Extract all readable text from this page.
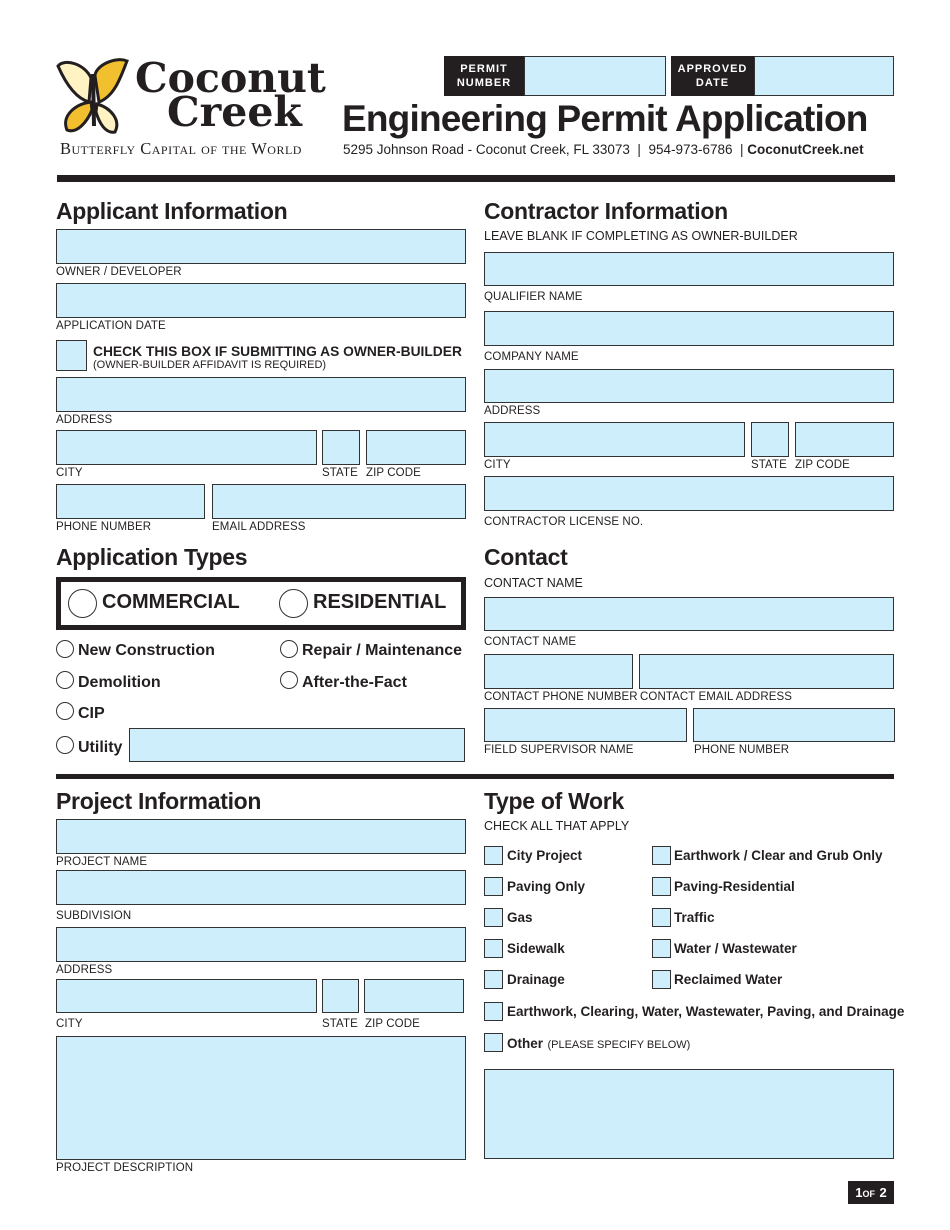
Coconut
Creek
Butterfly Capital of the World
PERMIT NUMBER
APPROVED DATE
Engineering Permit Application
5295 Johnson Road - Coconut Creek, FL 33073  |  954-973-6786  | CoconutCreek.net
Applicant Information
OWNER / DEVELOPER
APPLICATION DATE
CHECK THIS BOX IF SUBMITTING AS OWNER-BUILDER
(OWNER-BUILDER AFFIDAVIT IS REQUIRED)
ADDRESS
CITY	STATE ZIP CODE
PHONE NUMBER	EMAIL ADDRESS
Contractor Information
LEAVE BLANK IF COMPLETING AS OWNER-BUILDER
QUALIFIER NAME
COMPANY NAME
ADDRESS
CITY	STATE ZIP CODE
CONTRACTOR LICENSE NO.
Application Types
COMMERCIAL	RESIDENTIAL
New Construction	Repair / Maintenance
Demolition	After-the-Fact
CIP
Utility
Contact
CONTACT NAME
CONTACT NAME
CONTACT PHONE NUMBER CONTACT EMAIL ADDRESS
FIELD SUPERVISOR NAME	PHONE NUMBER
Project Information
PROJECT NAME
SUBDIVISION
ADDRESS
CITY	STATE ZIP CODE
PROJECT DESCRIPTION
Type of Work
CHECK ALL THAT APPLY
City Project	Earthwork / Clear and Grub Only
Paving Only	Paving-Residential
Gas	Traffic
Sidewalk	Water / Wastewater
Drainage	Reclaimed Water
Earthwork, Clearing, Water, Wastewater, Paving, and Drainage
Other (PLEASE SPECIFY BELOW)
1OF 2
